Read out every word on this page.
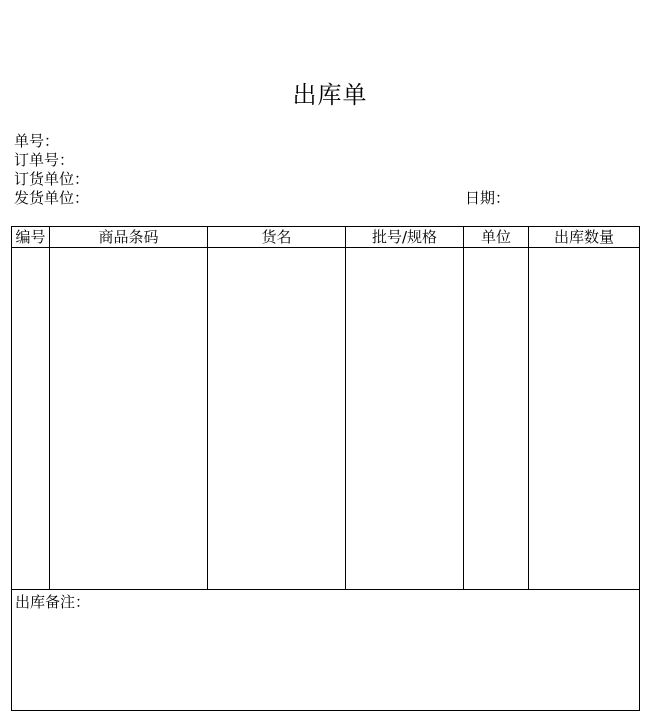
出库单
单号：
订单号：
订货单位：
发货单位：	日期：
编号	商品条码	货名	批号/规格	单位	出库数量
出库备注：
